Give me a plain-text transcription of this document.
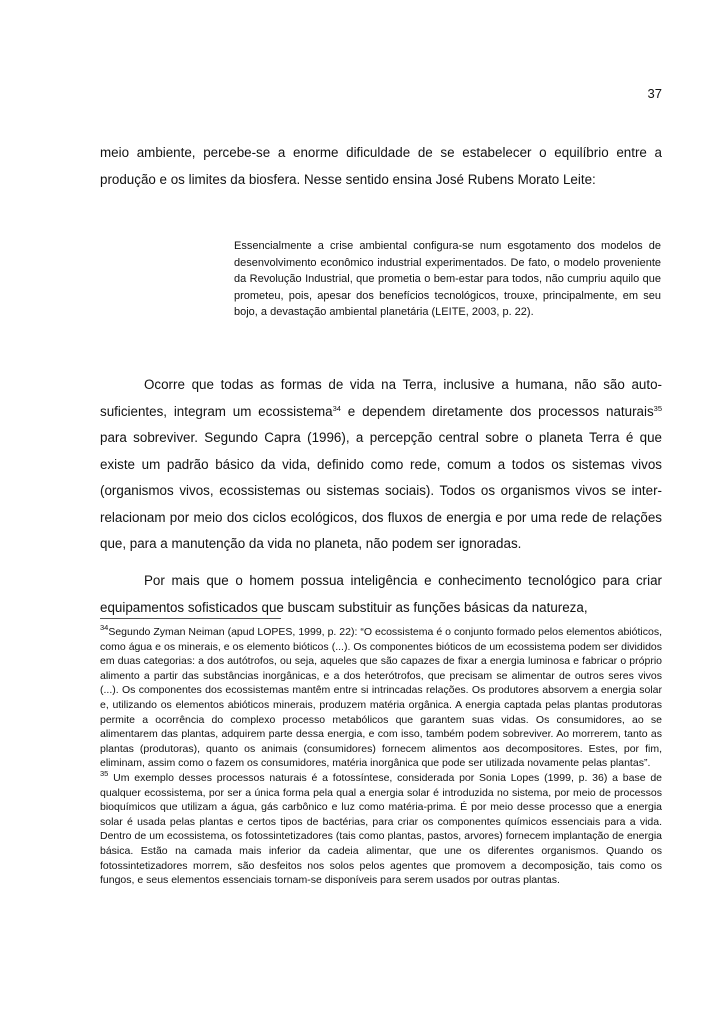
37

meio ambiente, percebe-se a enorme dificuldade de se estabelecer o equilíbrio entre a produção e os limites da biosfera. Nesse sentido ensina José Rubens Morato Leite:

Essencialmente a crise ambiental configura-se num esgotamento dos modelos de desenvolvimento econômico industrial experimentados. De fato, o modelo proveniente da Revolução Industrial, que prometia o bem-estar para todos, não cumpriu aquilo que prometeu, pois, apesar dos benefícios tecnológicos, trouxe, principalmente, em seu bojo, a devastação ambiental planetária (LEITE, 2003, p. 22).

Ocorre que todas as formas de vida na Terra, inclusive a humana, não são auto-suficientes, integram um ecossistema$^{34}$ e dependem diretamente dos processos naturais$^{35}$ para sobreviver. Segundo Capra (1996), a percepção central sobre o planeta Terra é que existe um padrão básico da vida, definido como rede, comum a todos os sistemas vivos (organismos vivos, ecossistemas ou sistemas sociais). Todos os organismos vivos se inter-relacionam por meio dos ciclos ecológicos, dos fluxos de energia e por uma rede de relações que, para a manutenção da vida no planeta, não podem ser ignoradas.

Por mais que o homem possua inteligência e conhecimento tecnológico para criar equipamentos sofisticados que buscam substituir as funções básicas da natureza,

$^{34}$Segundo Zyman Neiman (apud LOPES, 1999, p. 22): “O ecossistema é o conjunto formado pelos elementos abióticos, como água e os minerais, e os elemento bióticos (...). Os componentes bióticos de um ecossistema podem ser divididos em duas categorias: a dos autótrofos, ou seja, aqueles que são capazes de fixar a energia luminosa e fabricar o próprio alimento a partir das substâncias inorgânicas, e a dos heterótrofos, que precisam se alimentar de outros seres vivos (...). Os componentes dos ecossistemas mantêm entre si intrincadas relações. Os produtores absorvem a energia solar e, utilizando os elementos abióticos minerais, produzem matéria orgânica. A energia captada pelas plantas produtoras permite a ocorrência do complexo processo metabólicos que garantem suas vidas. Os consumidores, ao se alimentarem das plantas, adquirem parte dessa energia, e com isso, também podem sobreviver. Ao morrerem, tanto as plantas (produtoras), quanto os animais (consumidores) fornecem alimentos aos decompositores. Estes, por fim, eliminam, assim como o fazem os consumidores, matéria inorgânica que pode ser utilizada novamente pelas plantas”.

$^{35}$ Um exemplo desses processos naturais é a fotossíntese, considerada por Sonia Lopes (1999, p. 36) a base de qualquer ecossistema, por ser a única forma pela qual a energia solar é introduzida no sistema, por meio de processos bioquímicos que utilizam a água, gás carbônico e luz como matéria-prima. É por meio desse processo que a energia solar é usada pelas plantas e certos tipos de bactérias, para criar os componentes químicos essenciais para a vida. Dentro de um ecossistema, os fotossintetizadores (tais como plantas, pastos, arvores) fornecem implantação de energia básica. Estão na camada mais inferior da cadeia alimentar, que une os diferentes organismos. Quando os fotossintetizadores morrem, são desfeitos nos solos pelos agentes que promovem a decomposição, tais como os fungos, e seus elementos essenciais tornam-se disponíveis para serem usados por outras plantas.
